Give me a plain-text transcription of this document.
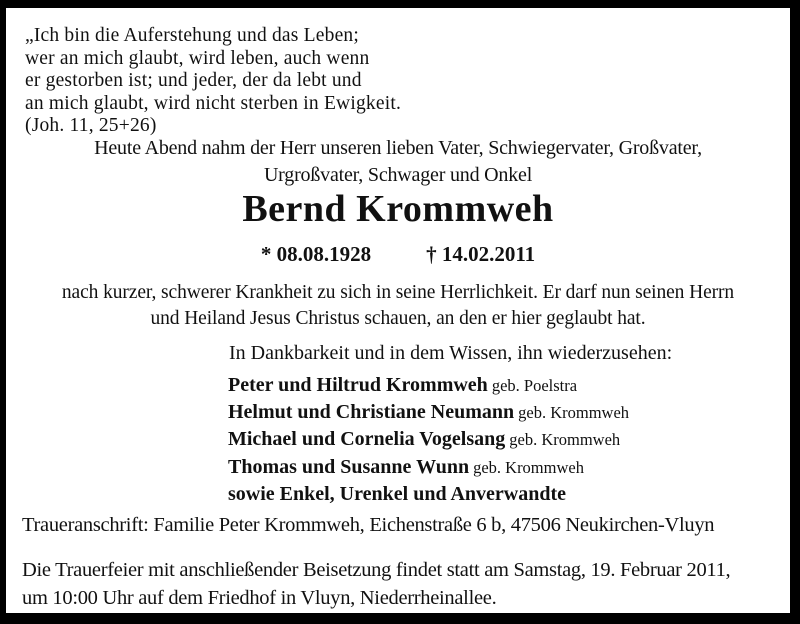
„Ich bin die Auferstehung und das Leben;
wer an mich glaubt, wird leben, auch wenn
er gestorben ist; und jeder, der da lebt und
an mich glaubt, wird nicht sterben in Ewigkeit.
(Joh. 11, 25+26)
Heute Abend nahm der Herr unseren lieben Vater, Schwiegervater, Großvater,
Urgroßvater, Schwager und Onkel
Bernd Krommweh
* 08.08.1928	† 14.02.2011
nach kurzer, schwerer Krankheit zu sich in seine Herrlichkeit. Er darf nun seinen Herrn
und Heiland Jesus Christus schauen, an den er hier geglaubt hat.
In Dankbarkeit und in dem Wissen, ihn wiederzusehen:
Peter und Hiltrud Krommweh geb. Poelstra
Helmut und Christiane Neumann geb. Krommweh
Michael und Cornelia Vogelsang geb. Krommweh
Thomas und Susanne Wunn geb. Krommweh
sowie Enkel, Urenkel und Anverwandte
Traueranschrift: Familie Peter Krommweh, Eichenstraße 6 b, 47506 Neukirchen-Vluyn
Die Trauerfeier mit anschließender Beisetzung findet statt am Samstag, 19. Februar 2011,
um 10:00 Uhr auf dem Friedhof in Vluyn, Niederrheinallee.
